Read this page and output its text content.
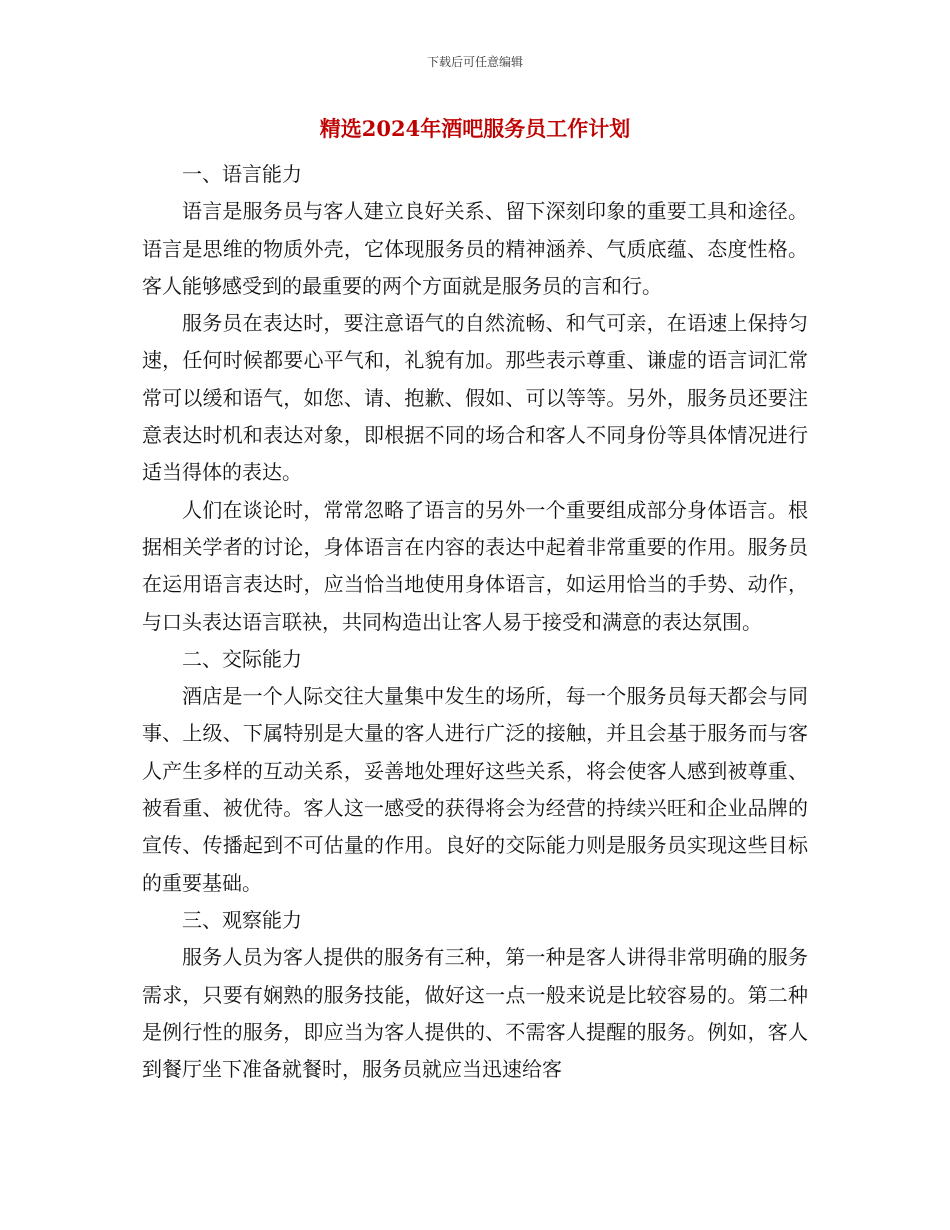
下载后可任意编辑
精选2024年酒吧服务员工作计划

一、语言能力

语言是服务员与客人建立良好关系、留下深刻印象的重要工具和途径。语言是思维的物质外壳，它体现服务员的精神涵养、气质底蕴、态度性格。客人能够感受到的最重要的两个方面就是服务员的言和行。

服务员在表达时，要注意语气的自然流畅、和气可亲，在语速上保持匀速，任何时候都要心平气和，礼貌有加。那些表示尊重、谦虚的语言词汇常常可以缓和语气，如您、请、抱歉、假如、可以等等。另外，服务员还要注意表达时机和表达对象，即根据不同的场合和客人不同身份等具体情况进行适当得体的表达。

人们在谈论时，常常忽略了语言的另外一个重要组成部分身体语言。根据相关学者的讨论，身体语言在内容的表达中起着非常重要的作用。服务员在运用语言表达时，应当恰当地使用身体语言，如运用恰当的手势、动作，与口头表达语言联袂，共同构造出让客人易于接受和满意的表达氛围。

二、交际能力

酒店是一个人际交往大量集中发生的场所，每一个服务员每天都会与同事、上级、下属特别是大量的客人进行广泛的接触，并且会基于服务而与客人产生多样的互动关系，妥善地处理好这些关系，将会使客人感到被尊重、被看重、被优待。客人这一感受的获得将会为经营的持续兴旺和企业品牌的宣传、传播起到不可估量的作用。良好的交际能力则是服务员实现这些目标的重要基础。

三、观察能力

服务人员为客人提供的服务有三种，第一种是客人讲得非常明确的服务需求，只要有娴熟的服务技能，做好这一点一般来说是比较容易的。第二种是例行性的服务，即应当为客人提供的、不需客人提醒的服务。例如，客人到餐厅坐下准备就餐时，服务员就应当迅速给客
